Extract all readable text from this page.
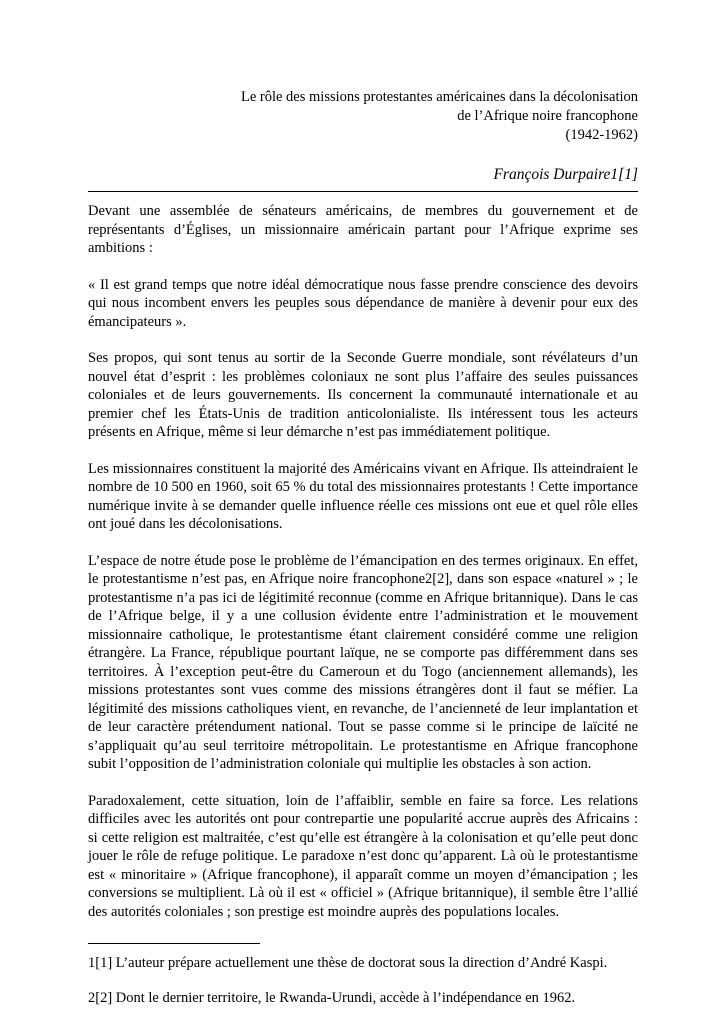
Le rôle des missions protestantes américaines dans la décolonisation
de l’Afrique noire francophone
(1942-1962)
François Durpaire1[1]

Devant une assemblée de sénateurs américains, de membres du gouvernement et de représentants d’Églises, un missionnaire américain partant pour l’Afrique exprime ses ambitions :

« Il est grand temps que notre idéal démocratique nous fasse prendre conscience des devoirs qui nous incombent envers les peuples sous dépendance de manière à devenir pour eux des émancipateurs ».

Ses propos, qui sont tenus au sortir de la Seconde Guerre mondiale, sont révélateurs d’un nouvel état d’esprit : les problèmes coloniaux ne sont plus l’affaire des seules puissances coloniales et de leurs gouvernements. Ils concernent la communauté internationale et au premier chef les États-Unis de tradition anticolonialiste. Ils intéressent tous les acteurs présents en Afrique, même si leur démarche n’est pas immédiatement politique.

Les missionnaires constituent la majorité des Américains vivant en Afrique. Ils atteindraient le nombre de 10 500 en 1960, soit 65 % du total des missionnaires protestants ! Cette importance numérique invite à se demander quelle influence réelle ces missions ont eue et quel rôle elles ont joué dans les décolonisations.

L’espace de notre étude pose le problème de l’émancipation en des termes originaux. En effet, le protestantisme n’est pas, en Afrique noire francophone2[2], dans son espace «naturel » ; le protestantisme n’a pas ici de légitimité reconnue (comme en Afrique britannique). Dans le cas de l’Afrique belge, il y a une collusion évidente entre l’administration et le mouvement missionnaire catholique, le protestantisme étant clairement considéré comme une religion étrangère. La France, république pourtant laïque, ne se comporte pas différemment dans ses territoires. À l’exception peut-être du Cameroun et du Togo (anciennement allemands), les missions protestantes sont vues comme des missions étrangères dont il faut se méfier. La légitimité des missions catholiques vient, en revanche, de l’ancienneté de leur implantation et de leur caractère prétendument national. Tout se passe comme si le principe de laïcité ne s’appliquait qu’au seul territoire métropolitain. Le protestantisme en Afrique francophone subit l’opposition de l’administration coloniale qui multiplie les obstacles à son action.

Paradoxalement, cette situation, loin de l’affaiblir, semble en faire sa force. Les relations difficiles avec les autorités ont pour contrepartie une popularité accrue auprès des Africains : si cette religion est maltraitée, c’est qu’elle est étrangère à la colonisation et qu’elle peut donc jouer le rôle de refuge politique. Le paradoxe n’est donc qu’apparent. Là où le protestantisme est « minoritaire » (Afrique francophone), il apparaît comme un moyen d’émancipation ; les conversions se multiplient. Là où il est « officiel » (Afrique britannique), il semble être l’allié des autorités coloniales ; son prestige est moindre auprès des populations locales.

1[1] L’auteur prépare actuellement une thèse de doctorat sous la direction d’André Kaspi.

2[2] Dont le dernier territoire, le Rwanda-Urundi, accède à l’indépendance en 1962.
